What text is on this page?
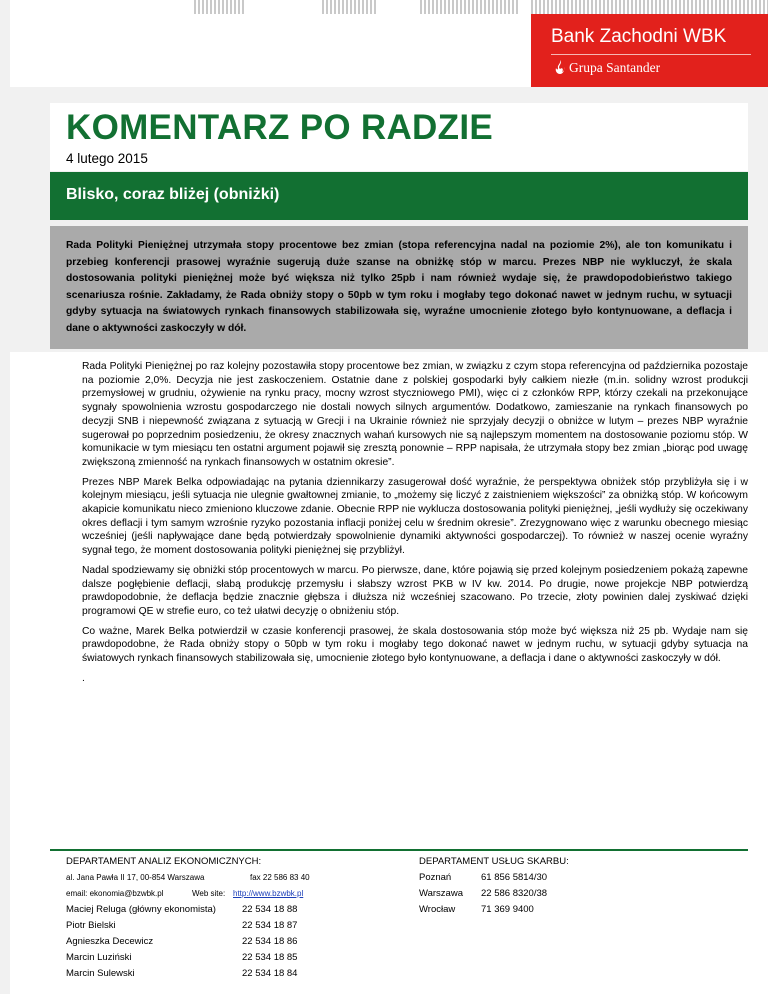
Bank Zachodni WBK
Grupa Santander
KOMENTARZ PO RADZIE
4 lutego 2015
Blisko, coraz bliżej (obniżki)

Rada Polityki Pieniężnej utrzymała stopy procentowe bez zmian (stopa referencyjna nadal na poziomie 2%), ale ton komunikatu i przebieg konferencji prasowej wyraźnie sugerują duże szanse na obniżkę stóp w marcu. Prezes NBP nie wykluczył, że skala dostosowania polityki pieniężnej może być większa niż tylko 25pb i nam również wydaje się, że prawdopodobieństwo takiego scenariusza rośnie. Zakładamy, że Rada obniży stopy o 50pb w tym roku i mogłaby tego dokonać nawet w jednym ruchu, w sytuacji gdyby sytuacja na światowych rynkach finansowych stabilizowała się, wyraźne umocnienie złotego było kontynuowane, a deflacja i dane o aktywności zaskoczyły w dół.

Rada Polityki Pieniężnej po raz kolejny pozostawiła stopy procentowe bez zmian, w związku z czym stopa referencyjna od października pozostaje na poziomie 2,0%. Decyzja nie jest zaskoczeniem. Ostatnie dane z polskiej gospodarki były całkiem niezłe (m.in. solidny wzrost produkcji przemysłowej w grudniu, ożywienie na rynku pracy, mocny wzrost styczniowego PMI), więc ci z członków RPP, którzy czekali na przekonujące sygnały spowolnienia wzrostu gospodarczego nie dostali nowych silnych argumentów. Dodatkowo, zamieszanie na rynkach finansowych po decyzji SNB i niepewność związana z sytuacją w Grecji i na Ukrainie również nie sprzyjały decyzji o obniżce w lutym – prezes NBP wyraźnie sugerował po poprzednim posiedzeniu, że okresy znacznych wahań kursowych nie są najlepszym momentem na dostosowanie poziomu stóp. W komunikacie w tym miesiącu ten ostatni argument pojawił się zresztą ponownie – RPP napisała, że utrzymała stopy bez zmian „biorąc pod uwagę zwiększoną zmienność na rynkach finansowych w ostatnim okresie”.

Prezes NBP Marek Belka odpowiadając na pytania dziennikarzy zasugerował dość wyraźnie, że perspektywa obniżek stóp przybliżyła się i w kolejnym miesiącu, jeśli sytuacja nie ulegnie gwałtownej zmianie, to „możemy się liczyć z zaistnieniem większości” za obniżką stóp. W końcowym akapicie komunikatu nieco zmieniono kluczowe zdanie. Obecnie RPP nie wyklucza dostosowania polityki pieniężnej, „jeśli wydłuży się oczekiwany okres deflacji i tym samym wzrośnie ryzyko pozostania inflacji poniżej celu w średnim okresie”. Zrezygnowano więc z warunku obecnego miesiąc wcześniej (jeśli napływające dane będą potwierdzały spowolnienie dynamiki aktywności gospodarczej). To również w naszej ocenie wyraźny sygnał tego, że moment dostosowania polityki pieniężnej się przybliżył.

Nadal spodziewamy się obniżki stóp procentowych w marcu. Po pierwsze, dane, które pojawią się przed kolejnym posiedzeniem pokażą zapewne dalsze pogłębienie deflacji, słabą produkcję przemysłu i słabszy wzrost PKB w IV kw. 2014. Po drugie, nowe projekcje NBP potwierdzą prawdopodobnie, że deflacja będzie znacznie głębsza i dłuższa niż wcześniej szacowano. Po trzecie, złoty powinien dalej zyskiwać dzięki programowi QE w strefie euro, co też ułatwi decyzję o obniżeniu stóp.

Co ważne, Marek Belka potwierdził w czasie konferencji prasowej, że skala dostosowania stóp może być większa niż 25 pb. Wydaje nam się prawdopodobne, że Rada obniży stopy o 50pb w tym roku i mogłaby tego dokonać nawet w jednym ruchu, w sytuacji gdyby sytuacja na światowych rynkach finansowych stabilizowała się, umocnienie złotego było kontynuowane, a deflacja i dane o aktywności zaskoczyły w dół.

.

DEPARTAMENT ANALIZ EKONOMICZNYCH:
al. Jana Pawła II 17, 00-854 Warszawa	fax 22 586 83 40
email: ekonomia@bzwbk.pl	Web site: http://www.bzwbk.pl
Maciej Reluga (główny ekonomista)	22 534 18 88
Piotr Bielski	22 534 18 87
Agnieszka Decewicz	22 534 18 86
Marcin Luziński	22 534 18 85
Marcin Sulewski	22 534 18 84
DEPARTAMENT USŁUG SKARBU:
Poznań	61 856 5814/30
Warszawa 22 586 8320/38
Wrocław	71 369 9400
